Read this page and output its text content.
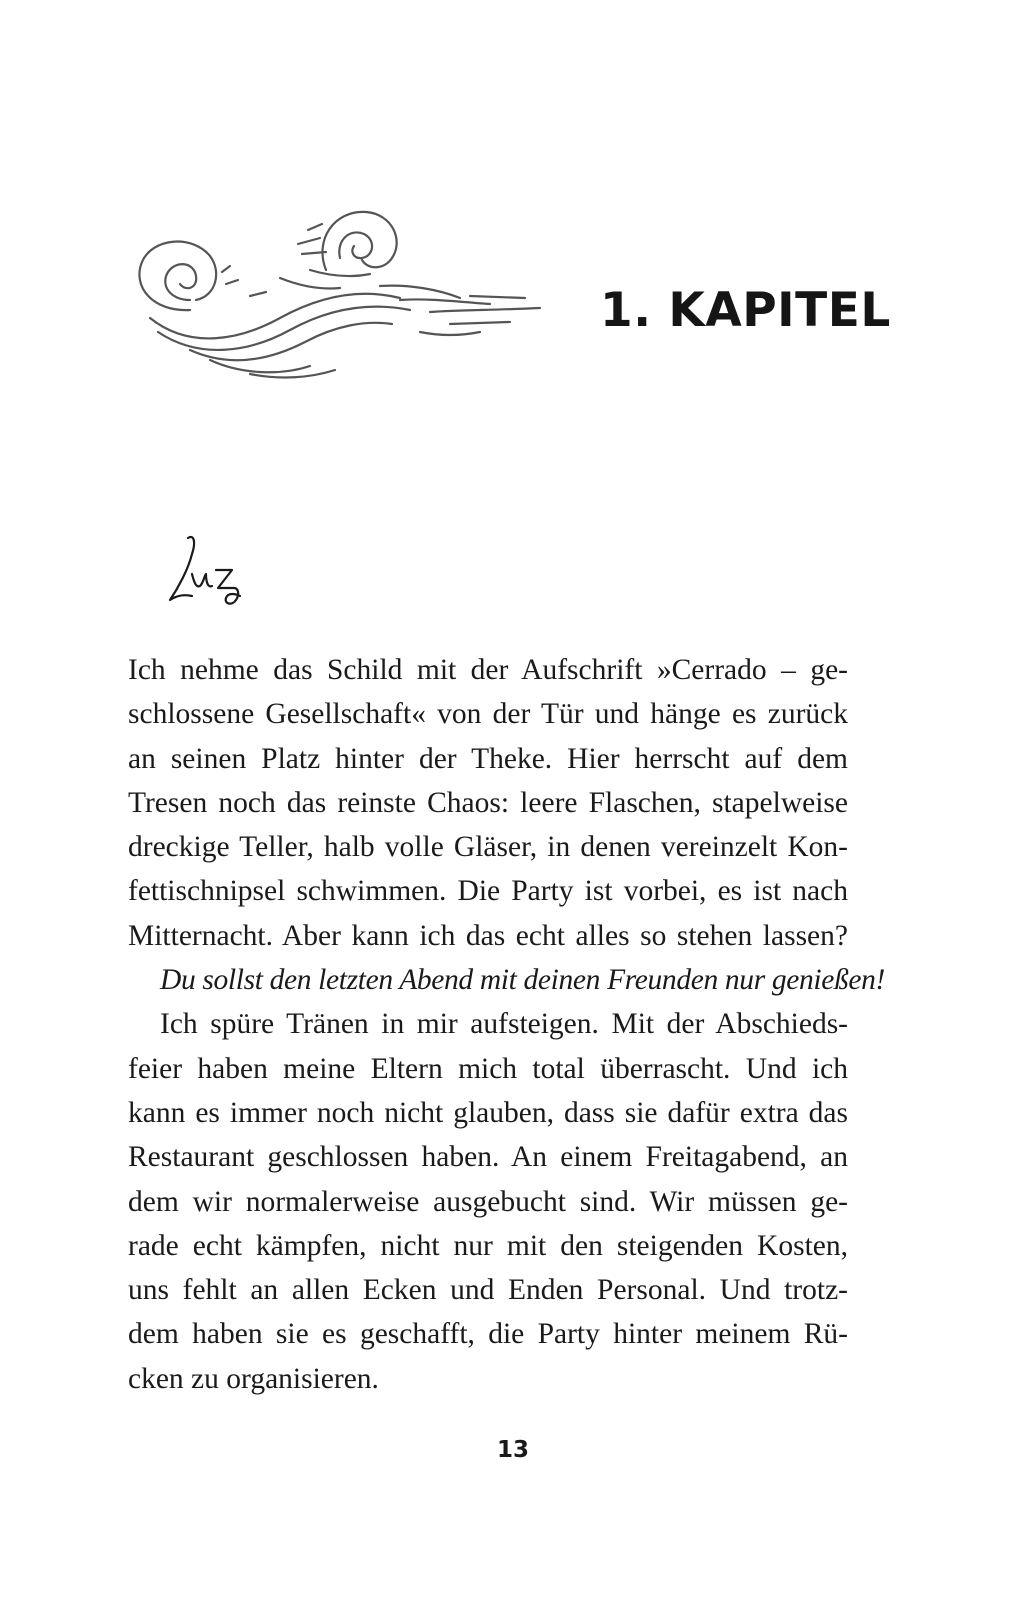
1. KAPITEL
Ich nehme das Schild mit der Aufschrift »Cerrado – ge-
schlossene Gesellschaft« von der Tür und hänge es zurück
an seinen Platz hinter der Theke. Hier herrscht auf dem
Tresen noch das reinste Chaos: leere Flaschen, stapelweise
dreckige Teller, halb volle Gläser, in denen vereinzelt Kon-
fettischnipsel schwimmen. Die Party ist vorbei, es ist nach
Mitternacht. Aber kann ich das echt alles so stehen lassen?
Du sollst den letzten Abend mit deinen Freunden nur genießen!
Ich spüre Tränen in mir aufsteigen. Mit der Abschieds-
feier haben meine Eltern mich total überrascht. Und ich
kann es immer noch nicht glauben, dass sie dafür extra das
Restaurant geschlossen haben. An einem Freitagabend, an
dem wir normalerweise ausgebucht sind. Wir müssen ge-
rade echt kämpfen, nicht nur mit den steigenden Kosten,
uns fehlt an allen Ecken und Enden Personal. Und trotz-
dem haben sie es geschafft, die Party hinter meinem Rü-
cken zu organisieren.
13
